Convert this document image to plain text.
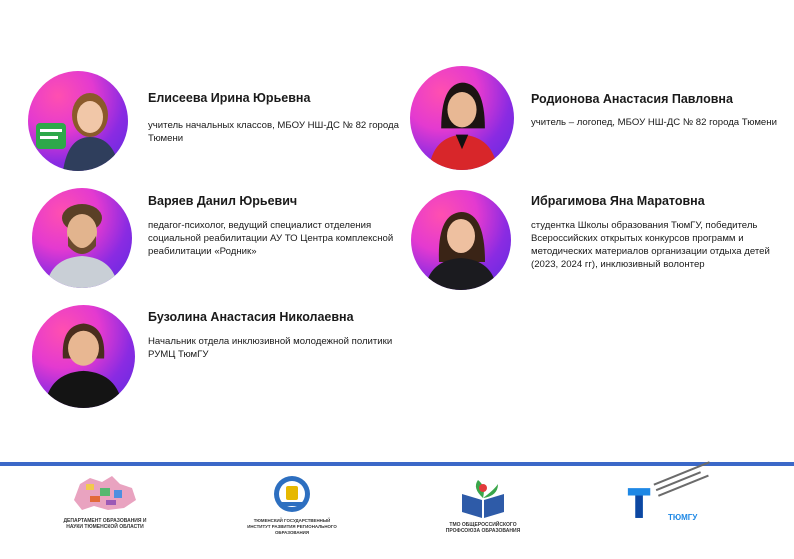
Елисеева Ирина Юрьевна
учитель начальных классов, МБОУ НШ-ДС № 82 города Тюмени
Родионова Анастасия Павловна
учитель – логопед, МБОУ НШ-ДС № 82 города Тюмени
Варяев Данил Юрьевич
педагог-психолог, ведущий специалист отделения социальной реабилитации АУ ТО Центра комплексной реабилитации «Родник»
Ибрагимова Яна Маратовна
студентка Школы образования ТюмГУ, победитель Всероссийских открытых конкурсов программ и методических материалов организации отдыха детей (2023, 2024 гг), инклюзивный волонтер
Бузолина Анастасия Николаевна
Начальник отдела инклюзивной молодежной политики РУМЦ ТюмГУ
ДЕПАРТАМЕНТ ОБРАЗОВАНИЯ И НАУКИ ТЮМЕНСКОЙ ОБЛАСТИ
ТЮМЕНСКИЙ ГОСУДАРСТВЕННЫЙ ИНСТИТУТ РАЗВИТИЯ РЕГИОНАЛЬНОГО ОБРАЗОВАНИЯ
ТМО ОБЩЕРОССИЙСКОГО ПРОФСОЮЗА ОБРАЗОВАНИЯ
ТЮМГУ
